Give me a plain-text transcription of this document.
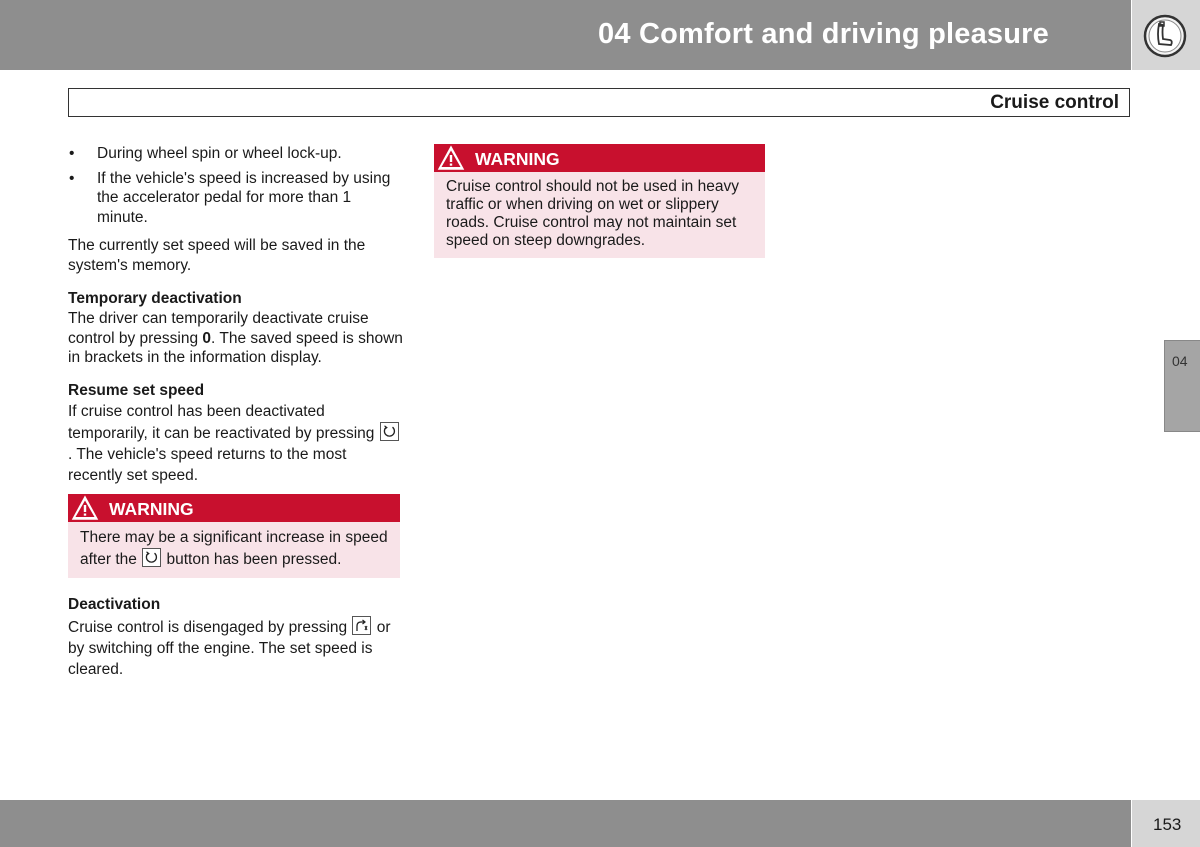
04 Comfort and driving pleasure
Cruise control
• During wheel spin or wheel lock-up.
• If the vehicle's speed is increased by using the accelerator pedal for more than 1 minute.

The currently set speed will be saved in the system's memory.

Temporary deactivation

The driver can temporarily deactivate cruise control by pressing 0. The saved speed is shown in brackets in the information display.

Resume set speed

If cruise control has been deactivated temporarily, it can be reactivated by pressing
. The vehicle's speed returns to the most recently set speed.

WARNING
There may be a significant increase in speed after the
button has been pressed.
Deactivation

Cruise control is disengaged by pressing
or by switching off the engine. The set speed is cleared.

WARNING
Cruise control should not be used in heavy traffic or when driving on wet or slippery roads. Cruise control may not maintain set speed on steep downgrades.
04
153
